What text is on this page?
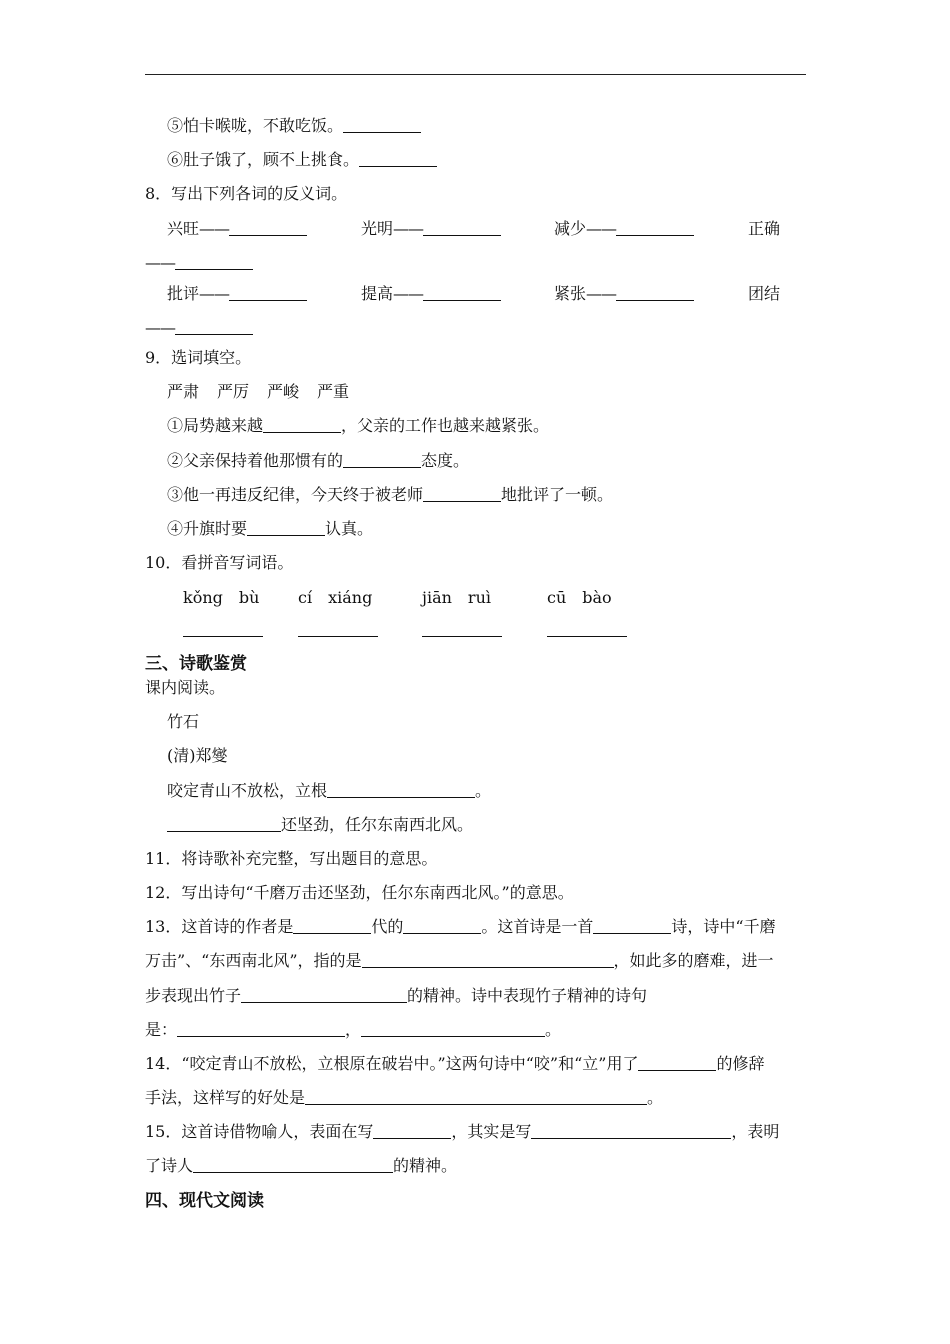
⑤怕卡喉咙，不敢吃饭。
⑥肚子饿了，顾不上挑食。
8．写出下列各词的反义词。
兴旺——	光明——	减少——	正确
——
批评——	提高——	紧张——	团结
——
9．选词填空。
严肃 严厉 严峻 严重
①局势越来越	，父亲的工作也越来越紧张。
②父亲保持着他那惯有的	态度。
③他一再违反纪律，今天终于被老师	地批评了一顿。
④升旗时要	认真。
10．看拼音写词语。
kǒng　bù cí　xiáng	jiān　ruì	cū　bào
三、诗歌鉴赏
课内阅读。
竹石
(清)郑燮
咬定青山不放松，立根	。
还坚劲，任尔东南西北风。
11．将诗歌补充完整，写出题目的意思。
12．写出诗句“千磨万击还坚劲，任尔东南西北风。”的意思。
13．这首诗的作者是	代的	。这首诗是一首	诗，诗中“千磨
万击”、“东西南北风”，指的是	，如此多的磨难，进一
步表现出竹子	的精神。诗中表现竹子精神的诗句
是：	，	。
14．“咬定青山不放松，立根原在破岩中。”这两句诗中“咬”和“立”用了	的修辞
手法，这样写的好处是	。
15．这首诗借物喻人，表面在写	，其实是写	，表明
了诗人	的精神。
四、现代文阅读
